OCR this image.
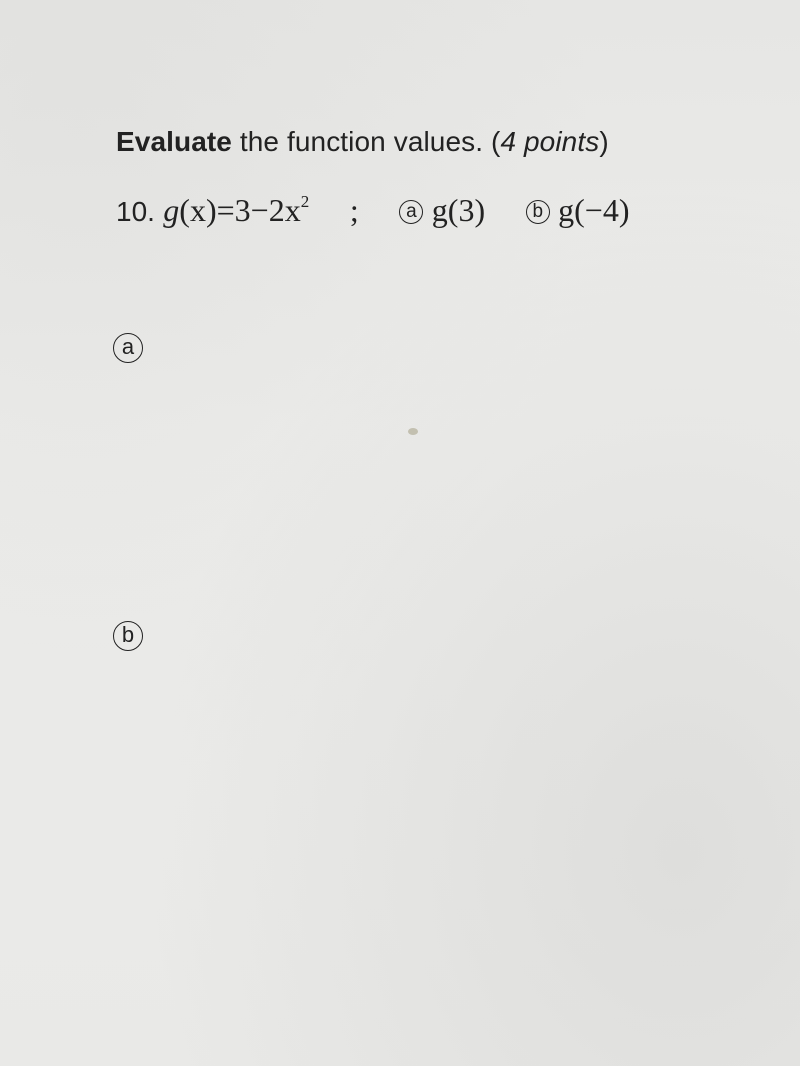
Evaluate the function values. (4 points)
10. $g(x)=3-2x^2$ ; a g(3) b g(−4)
a
b
